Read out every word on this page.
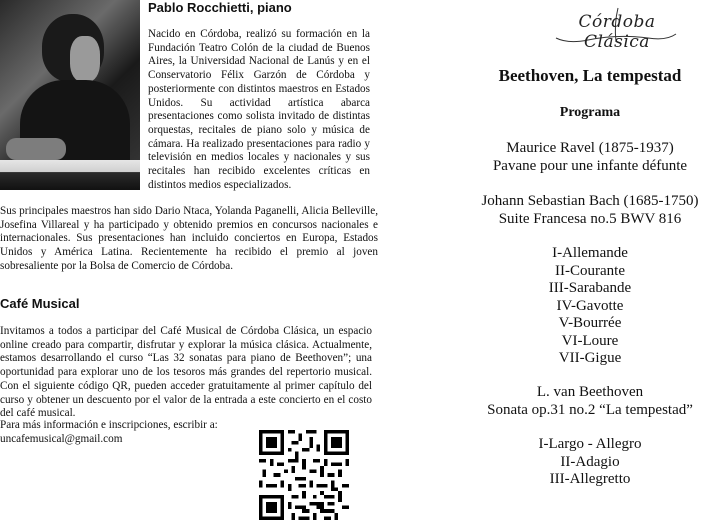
Pablo Rocchietti, piano

Nacido en Córdoba, realizó su formación en la Fundación Teatro Colón de la ciudad de Buenos Aires, la Universidad Nacional de Lanús y en el Conservatorio Félix Garzón de Córdoba y posteriormente con distintos maestros en Estados Unidos. Su actividad artística abarca presentaciones como solista invitado de distintas orquestas, recitales de piano solo y música de cámara. Ha realizado presentaciones para radio y televisión en medios locales y nacionales y sus recitales han recibido excelentes críticas en distintos medios especializados.

Sus principales maestros han sido Dario Ntaca, Yolanda Paganelli, Alicia Belleville, Josefina Villareal y ha participado y obtenido premios en concursos nacionales e internacionales. Sus presentaciones han incluido conciertos en Europa, Estados Unidos y América Latina. Recientemente ha recibido el premio al joven sobresaliente por la Bolsa de Comercio de Córdoba.

Café Musical

Invitamos a todos a participar del Café Musical de Córdoba Clásica, un espacio online creado para compartir, disfrutar y explorar la música clásica. Actualmente, estamos desarrollando el curso “Las 32 sonatas para piano de Beethoven”; una oportunidad para explorar uno de los tesoros más grandes del repertorio musical. Con el siguiente código QR, pueden acceder gratuitamente al primer capítulo del curso y obtener un descuento por el valor de la entrada a este concierto en el costo del café musical.

Para más información e inscripciones, escribir a:
uncafemusical@gmail.com
Córdoba Clásica
Beethoven, La tempestad
Programa
Maurice Ravel (1875-1937)
Pavane pour une infante défunte
Johann Sebastian Bach (1685-1750)
Suite Francesa no.5 BWV 816
I-Allemande
II-Courante
III-Sarabande
IV-Gavotte
V-Bourrée
VI-Loure
VII-Gigue
L. van Beethoven
Sonata op.31 no.2 “La tempestad”
I-Largo - Allegro
II-Adagio
III-Allegretto
